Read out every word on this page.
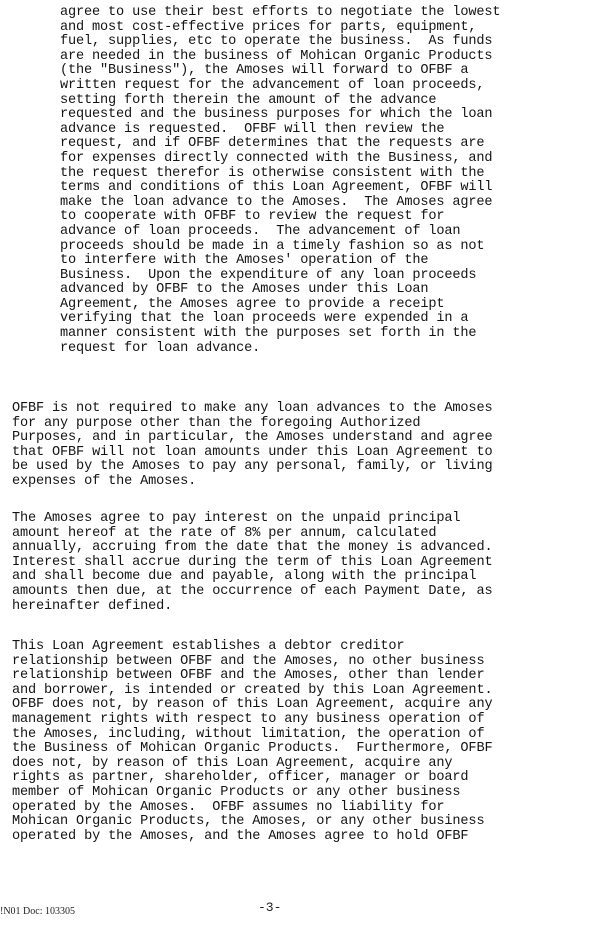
agree to use their best efforts to negotiate the lowest
and most cost-effective prices for parts, equipment,
fuel, supplies, etc to operate the business.  As funds
are needed in the business of Mohican Organic Products
(the "Business"), the Amoses will forward to OFBF a
written request for the advancement of loan proceeds,
setting forth therein the amount of the advance
requested and the business purposes for which the loan
advance is requested.  OFBF will then review the
request, and if OFBF determines that the requests are
for expenses directly connected with the Business, and
the request therefor is otherwise consistent with the
terms and conditions of this Loan Agreement, OFBF will
make the loan advance to the Amoses.  The Amoses agree
to cooperate with OFBF to review the request for
advance of loan proceeds.  The advancement of loan
proceeds should be made in a timely fashion so as not
to interfere with the Amoses' operation of the
Business.  Upon the expenditure of any loan proceeds
advanced by OFBF to the Amoses under this Loan
Agreement, the Amoses agree to provide a receipt
verifying that the loan proceeds were expended in a
manner consistent with the purposes set forth in the
request for loan advance.
OFBF is not required to make any loan advances to the Amoses
for any purpose other than the foregoing Authorized
Purposes, and in particular, the Amoses understand and agree
that OFBF will not loan amounts under this Loan Agreement to
be used by the Amoses to pay any personal, family, or living
expenses of the Amoses.
The Amoses agree to pay interest on the unpaid principal
amount hereof at the rate of 8% per annum, calculated
annually, accruing from the date that the money is advanced.
Interest shall accrue during the term of this Loan Agreement
and shall become due and payable, along with the principal
amounts then due, at the occurrence of each Payment Date, as
hereinafter defined.
This Loan Agreement establishes a debtor creditor
relationship between OFBF and the Amoses, no other business
relationship between OFBF and the Amoses, other than lender
and borrower, is intended or created by this Loan Agreement.
OFBF does not, by reason of this Loan Agreement, acquire any
management rights with respect to any business operation of
the Amoses, including, without limitation, the operation of
the Business of Mohican Organic Products.  Furthermore, OFBF
does not, by reason of this Loan Agreement, acquire any
rights as partner, shareholder, officer, manager or board
member of Mohican Organic Products or any other business
operated by the Amoses.  OFBF assumes no liability for
Mohican Organic Products, the Amoses, or any other business
operated by the Amoses, and the Amoses agree to hold OFBF
!N01 Doc: 103305	-3-
